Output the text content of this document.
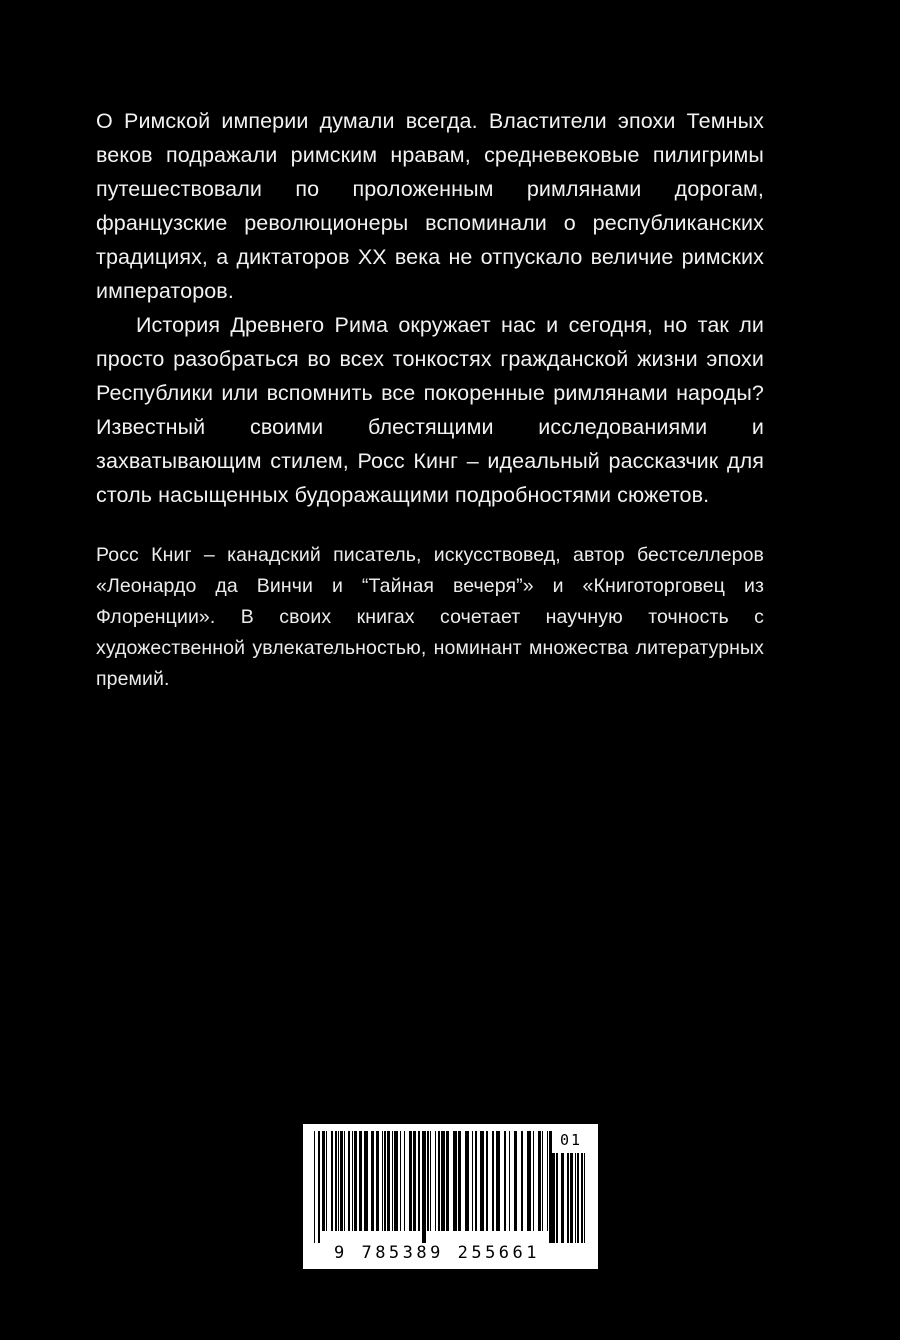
О Римской империи думали всегда. Властители эпохи Темных веков подражали римским нравам, средневековые пилигримы путешествовали по проложенным римлянами дорогам, французские революционеры вспоминали о республиканских традициях, а диктаторов XX века не отпускало величие римских императоров.

История Древнего Рима окружает нас и сегодня, но так ли просто разобраться во всех тонкостях гражданской жизни эпохи Республики или вспомнить все покоренные римлянами народы? Известный своими блестящими исследованиями и захватывающим стилем, Росс Кинг – идеальный рассказчик для столь насыщенных будоражащими подробностями сюжетов.

Росс Книг – канадский писатель, искусствовед, автор бестселлеров «Леонардо да Винчи и “Тайная вечеря”» и «Книготорговец из Флоренции». В своих книгах сочетает научную точность с художественной увлекательностью, номинант множества литературных премий.

9 785389 255661
01
